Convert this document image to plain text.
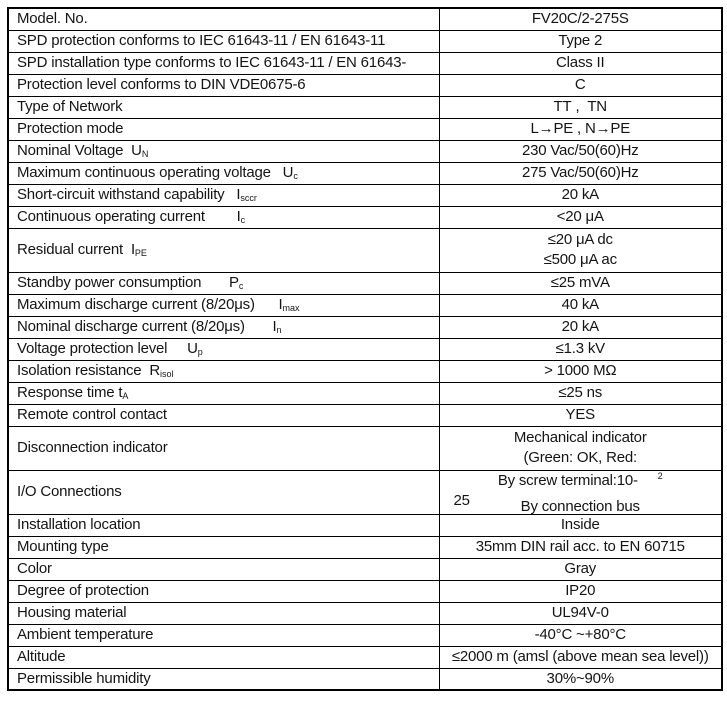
Model. No.	FV20C/2-275S

SPD protection conforms to IEC 61643-11 / EN 61643-11	Type 2

SPD installation type conforms to IEC 61643-11 / EN 61643-	Class II

Protection level conforms to DIN VDE0675-6	C

Type of Network	TT ,  TN

Protection mode	L→PE , N→PE

Nominal Voltage  $U_N$	230 Vac/50(60)Hz

Maximum continuous operating voltage   $U_c$	275 Vac/50(60)Hz

Short-circuit withstand capability   $I_{sccr}$	20 kA

Continuous operating current        $I_c$	<20 μA

Residual current  $I_{PE}$	≤20 μA dc
≤500 μA ac

Standby power consumption       $P_c$	≤25 mVA

Maximum discharge current (8/20μs)      $I_{max}$	40 kA

Nominal discharge current (8/20μs)       $I_n$	20 kA

Voltage protection level     $U_p$	≤1.3 kV

Isolation resistance  $R_{isol}$	> 1000 MΩ

Response time $t_A$	≤25 ns

Remote control contact	YES

Disconnection indicator	Mechanical indicator
(Green: OK, Red:

I/O Connections	By screw terminal:10- $^2$
25 By connection bus

Installation location	Inside

Mounting type	35mm DIN rail acc. to EN 60715

Color	Gray

Degree of protection	IP20

Housing material	UL94V-0

Ambient temperature	-40°C ~+80°C

Altitude	≤2000 m (amsl (above mean sea level))

Permissible humidity	30%~90%
